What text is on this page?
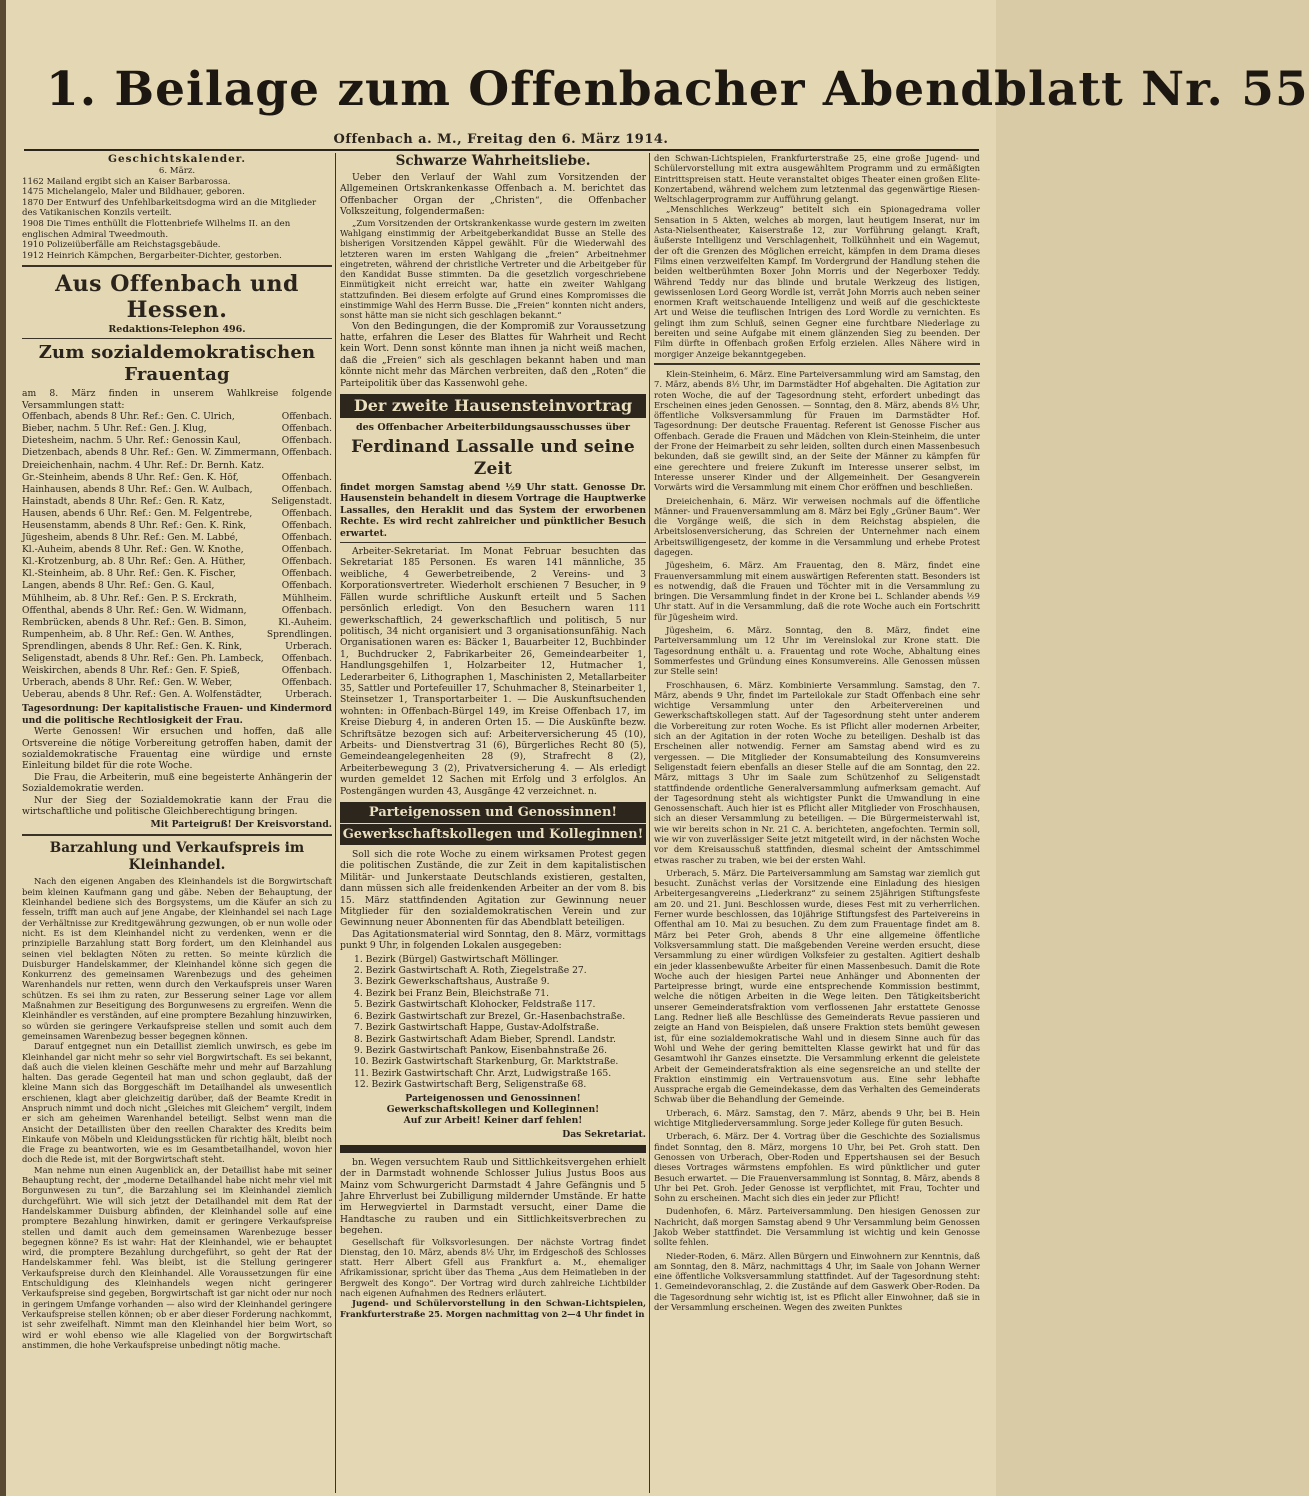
1. Beilage zum Offenbacher Abendblatt Nr. 55
Offenbach a. M., Freitag den 6. März 1914.
Geschichtskalender.
6. März.

1162 Mailand ergibt sich an Kaiser Barbarossa.

1475 Michelangelo, Maler und Bildhauer, geboren.

1870 Der Entwurf des Unfehlbarkeitsdogma wird an die Mitglieder des Vatikanischen Konzils verteilt.

1908 Die Times enthüllt die Flottenbriefe Wilhelms II. an den englischen Admiral Tweedmouth.

1910 Polizeiüberfälle am Reichstagsgebäude.

1912 Heinrich Kämpchen, Bergarbeiter-Dichter, gestorben.

Aus Offenbach und Hessen.
Redaktions-Telephon 496.
Zum sozialdemokratischen Frauentag

am 8. März finden in unserem Wahlkreise folgende Versammlungen statt:

Offenbach, abends 8 Uhr. Ref.: Gen. C. Ulrich,	Offenbach.
Bieber, nachm. 5 Uhr. Ref.: Gen. J. Klug,	Offenbach.
Dietesheim, nachm. 5 Uhr. Ref.: Genossin Kaul,	Offenbach.
Dietzenbach, abends 8 Uhr. Ref.: Gen. W. Zimmermann, Offenbach.
Dreieichenhain, nachm. 4 Uhr. Ref.: Dr. Bernh. Katz.
Gr.-Steinheim, abends 8 Uhr. Ref.: Gen. K. Höf,	Offenbach.
Hainhausen, abends 8 Uhr. Ref.: Gen. W. Aulbach,	Offenbach.
Hainstadt, abends 8 Uhr. Ref.: Gen. R. Katz,	Seligenstadt.
Hausen, abends 6 Uhr. Ref.: Gen. M. Felgentrebe,	Offenbach.
Heusenstamm, abends 8 Uhr. Ref.: Gen. K. Rink,	Offenbach.
Jügesheim, abends 8 Uhr. Ref.: Gen. M. Labbé,	Offenbach.
Kl.-Auheim, abends 8 Uhr. Ref.: Gen. W. Knothe,	Offenbach.
Kl.-Krotzenburg, ab. 8 Uhr. Ref.: Gen. A. Hüther,	Offenbach.
Kl.-Steinheim, ab. 8 Uhr. Ref.: Gen. K. Fischer,	Offenbach.
Langen, abends 8 Uhr. Ref.: Gen. G. Kaul,	Offenbach.
Mühlheim, ab. 8 Uhr. Ref.: Gen. P. S. Erckrath,	Mühlheim.
Offenthal, abends 8 Uhr. Ref.: Gen. W. Widmann,	Offenbach.
Rembrücken, abends 8 Uhr. Ref.: Gen. B. Simon,	Kl.-Auheim.
Rumpenheim, ab. 8 Uhr. Ref.: Gen. W. Anthes,	Sprendlingen.
Sprendlingen, abends 8 Uhr. Ref.: Gen. K. Rink,	Urberach.
Seligenstadt, abends 8 Uhr. Ref.: Gen. Ph. Lambeck,	Offenbach.
Weiskirchen, abends 8 Uhr. Ref.: Gen. F. Spieß,	Offenbach.
Urberach, abends 8 Uhr. Ref.: Gen. W. Weber,	Offenbach.
Ueberau, abends 8 Uhr. Ref.: Gen. A. Wolfenstädter,	Urberach.

Tagesordnung: Der kapitalistische Frauen- und Kindermord und die politische Rechtlosigkeit der Frau.

Werte Genossen! Wir ersuchen und hoffen, daß alle Ortsvereine die nötige Vorbereitung getroffen haben, damit der sozialdemokratische Frauentag eine würdige und ernste Einleitung bildet für die rote Woche.

Die Frau, die Arbeiterin, muß eine begeisterte Anhängerin der Sozialdemokratie werden.

Nur der Sieg der Sozialdemokratie kann der Frau die wirtschaftliche und politische Gleichberechtigung bringen.

Mit Parteigruß! Der Kreisvorstand.
Barzahlung und Verkaufspreis im Kleinhandel.

Nach den eigenen Angaben des Kleinhandels ist die Borgwirtschaft beim kleinen Kaufmann gang und gäbe. Neben der Behauptung, der Kleinhandel bediene sich des Borgsystems, um die Käufer an sich zu fesseln, trifft man auch auf jene Angabe, der Kleinhandel sei nach Lage der Verhältnisse zur Kreditgewährung gezwungen, ob er nun wolle oder nicht. Es ist dem Kleinhandel nicht zu verdenken, wenn er die prinzipielle Barzahlung statt Borg fordert, um den Kleinhandel aus seinen viel beklagten Nöten zu retten. So meinte kürzlich die Duisburger Handelskammer, der Kleinhandel könne sich gegen die Konkurrenz des gemeinsamen Warenbezugs und des geheimen Warenhandels nur retten, wenn durch den Verkaufspreis unser Waren schützen. Es sei ihm zu raten, zur Besserung seiner Lage vor allem Maßnahmen zur Beseitigung des Borgunwesens zu ergreifen. Wenn die Kleinhändler es verständen, auf eine promptere Bezahlung hinzuwirken, so würden sie geringere Verkaufspreise stellen und somit auch dem gemeinsamen Warenbezug besser begegnen können.

Darauf entgegnet nun ein Detaillist ziemlich unwirsch, es gebe im Kleinhandel gar nicht mehr so sehr viel Borgwirtschaft. Es sei bekannt, daß auch die vielen kleinen Geschäfte mehr und mehr auf Barzahlung halten. Das gerade Gegenteil hat man und schon geglaubt, daß der kleine Mann sich das Borggeschäft im Detailhandel als unwesentlich erschienen, klagt aber gleichzeitig darüber, daß der Beamte Kredit in Anspruch nimmt und doch nicht „Gleiches mit Gleichem“ vergilt, indem er sich am geheimen Warenhandel beteiligt. Selbst wenn man die Ansicht der Detaillisten über den reellen Charakter des Kredits beim Einkaufe von Möbeln und Kleidungsstücken für richtig hält, bleibt noch die Frage zu beantworten, wie es im Gesamtbetailhandel, wovon hier doch die Rede ist, mit der Borgwirtschaft steht.

Man nehme nun einen Augenblick an, der Detaillist habe mit seiner Behauptung recht, der „moderne Detailhandel habe nicht mehr viel mit Borgunwesen zu tun“, die Barzahlung sei im Kleinhandel ziemlich durchgeführt. Wie will sich jetzt der Detailhandel mit dem Rat der Handelskammer Duisburg abfinden, der Kleinhandel solle auf eine promptere Bezahlung hinwirken, damit er geringere Verkaufspreise stellen und damit auch dem gemeinsamen Warenbezuge besser begegnen könne? Es ist wahr: Hat der Kleinhandel, wie er behauptet wird, die promptere Bezahlung durchgeführt, so geht der Rat der Handelskammer fehl. Was bleibt, ist die Stellung geringerer Verkaufspreise durch den Kleinhandel. Alle Voraussetzungen für eine Entschuldigung des Kleinhandels wegen nicht geringerer Verkaufspreise sind gegeben, Borgwirtschaft ist gar nicht oder nur noch in geringem Umfange vorhanden — also wird der Kleinhandel geringere Verkaufspreise stellen können; ob er aber dieser Forderung nachkommt, ist sehr zweifelhaft. Nimmt man den Kleinhandel hier beim Wort, so wird er wohl ebenso wie alle Klagelied von der Borgwirtschaft anstimmen, die hohe Verkaufspreise unbedingt nötig mache.

Schwarze Wahrheitsliebe.

Ueber den Verlauf der Wahl zum Vorsitzenden der Allgemeinen Ortskrankenkasse Offenbach a. M. berichtet das Offenbacher Organ der „Christen“, die Offenbacher Volkszeitung, folgendermaßen:

„Zum Vorsitzenden der Ortskrankenkasse wurde gestern im zweiten Wahlgang einstimmig der Arbeitgeberkandidat Busse an Stelle des bisherigen Vorsitzenden Käppel gewählt. Für die Wiederwahl des letzteren waren im ersten Wahlgang die „freien“ Arbeitnehmer eingetreten, während der christliche Vertreter und die Arbeitgeber für den Kandidat Busse stimmten. Da die gesetzlich vorgeschriebene Einmütigkeit nicht erreicht war, hatte ein zweiter Wahlgang stattzufinden. Bei diesem erfolgte auf Grund eines Kompromisses die einstimmige Wahl des Herrn Busse. Die „Freien“ konnten nicht anders, sonst hätte man sie nicht sich geschlagen bekannt.“

Von den Bedingungen, die der Kompromiß zur Voraussetzung hatte, erfahren die Leser des Blattes für Wahrheit und Recht kein Wort. Denn sonst könnte man ihnen ja nicht weiß machen, daß die „Freien“ sich als geschlagen bekannt haben und man könnte nicht mehr das Märchen verbreiten, daß den „Roten“ die Parteipolitik über das Kassenwohl gehe.

Der zweite Hausensteinvortrag
des Offenbacher Arbeiterbildungsausschusses über
Ferdinand Lassalle und seine Zeit

findet morgen Samstag abend ½9 Uhr statt. Genosse Dr. Hausenstein behandelt in diesem Vortrage die Hauptwerke Lassalles, den Heraklit und das System der erworbenen Rechte. Es wird recht zahlreicher und pünktlicher Besuch erwartet.

Arbeiter-Sekretariat. Im Monat Februar besuchten das Sekretariat 185 Personen. Es waren 141 männliche, 35 weibliche, 4 Gewerbetreibende, 2 Vereins- und 3 Korporationsvertreter. Wiederholt erschienen 7 Besucher, in 9 Fällen wurde schriftliche Auskunft erteilt und 5 Sachen persönlich erledigt. Von den Besuchern waren 111 gewerkschaftlich, 24 gewerkschaftlich und politisch, 5 nur politisch, 34 nicht organisiert und 3 organisationsunfähig. Nach Organisationen waren es: Bäcker 1, Bauarbeiter 12, Buchbinder 1, Buchdrucker 2, Fabrikarbeiter 26, Gemeindearbeiter 1, Handlungsgehilfen 1, Holzarbeiter 12, Hutmacher 1, Lederarbeiter 6, Lithographen 1, Maschinisten 2, Metallarbeiter 35, Sattler und Portefeuiller 17, Schuhmacher 8, Steinarbeiter 1, Steinsetzer 1, Transportarbeiter 1. — Die Auskunftsuchenden wohnten: in Offenbach-Bürgel 149, im Kreise Offenbach 17, im Kreise Dieburg 4, in anderen Orten 15. — Die Auskünfte bezw. Schriftsätze bezogen sich auf: Arbeiterversicherung 45 (10), Arbeits- und Dienstvertrag 31 (6), Bürgerliches Recht 80 (5), Gemeindeangelegenheiten 28 (9), Strafrecht 8 (2), Arbeiterbewegung 3 (2), Privatversicherung 4. — Als erledigt wurden gemeldet 12 Sachen mit Erfolg und 3 erfolglos. An Postengängen wurden 43, Ausgänge 42 verzeichnet. n.

Parteigenossen und Genossinnen!
Gewerkschaftskollegen und Kolleginnen!

Soll sich die rote Woche zu einem wirksamen Protest gegen die politischen Zustände, die zur Zeit in dem kapitalistischen Militär- und Junkerstaate Deutschlands existieren, gestalten, dann müssen sich alle freidenkenden Arbeiter an der vom 8. bis 15. März stattfindenden Agitation zur Gewinnung neuer Mitglieder für den sozialdemokratischen Verein und zur Gewinnung neuer Abonnenten für das Abendblatt beteiligen.

Das Agitationsmaterial wird Sonntag, den 8. März, vormittags punkt 9 Uhr, in folgenden Lokalen ausgegeben:

1. Bezirk (Bürgel) Gastwirtschaft Möllinger.
2. Bezirk Gastwirtschaft A. Roth, Ziegelstraße 27.
3. Bezirk Gewerkschaftshaus, Austraße 9.
4. Bezirk bei Franz Bein, Bleichstraße 71.
5. Bezirk Gastwirtschaft Klohocker, Feldstraße 117.
6. Bezirk Gastwirtschaft zur Brezel, Gr.-Hasenbachstraße.
7. Bezirk Gastwirtschaft Happe, Gustav-Adolfstraße.
8. Bezirk Gastwirtschaft Adam Bieber, Sprendl. Landstr.
9. Bezirk Gastwirtschaft Pankow, Eisenbahnstraße 26.
10. Bezirk Gastwirtschaft Starkenburg, Gr. Marktstraße.
11. Bezirk Gastwirtschaft Chr. Arzt, Ludwigstraße 165.
12. Bezirk Gastwirtschaft Berg, Seligenstraße 68.

Parteigenossen und Genossinnen!

Gewerkschaftskollegen und Kolleginnen!

Auf zur Arbeit! Keiner darf fehlen!

Das Sekretariat.

bn. Wegen versuchtem Raub und Sittlichkeitsvergehen erhielt der in Darmstadt wohnende Schlosser Julius Justus Boos aus Mainz vom Schwurgericht Darmstadt 4 Jahre Gefängnis und 5 Jahre Ehrverlust bei Zubilligung mildernder Umstände. Er hatte im Herwegviertel in Darmstadt versucht, einer Dame die Handtasche zu rauben und ein Sittlichkeitsverbrechen zu begehen.

Gesellschaft für Volksvorlesungen. Der nächste Vortrag findet Dienstag, den 10. März, abends 8½ Uhr, im Erdgeschoß des Schlosses statt. Herr Albert Gfell aus Frankfurt a. M., ehemaliger Afrikamissionar, spricht über das Thema „Aus dem Heimatleben in der Bergwelt des Kongo“. Der Vortrag wird durch zahlreiche Lichtbilder nach eigenen Aufnahmen des Redners erläutert.

Jugend- und Schülervorstellung in den Schwan-Lichtspielen, Frankfurterstraße 25. Morgen nachmittag von 2—4 Uhr findet in

den Schwan-Lichtspielen, Frankfurterstraße 25, eine große Jugend- und Schülervorstellung mit extra ausgewähltem Programm und zu ermäßigten Eintrittspreisen statt. Heute veranstaltet obiges Theater einen großen Elite-Konzertabend, während welchem zum letztenmal das gegenwärtige Riesen-Weltschlagerprogramm zur Aufführung gelangt.

„Menschliches Werkzeug“ betitelt sich ein Spionagedrama voller Sensation in 5 Akten, welches ab morgen, laut heutigem Inserat, nur im Asta-Nielsentheater, Kaiserstraße 12, zur Vorführung gelangt. Kraft, äußerste Intelligenz und Verschlagenheit, Tollkühnheit und ein Wagemut, der oft die Grenzen des Möglichen erreicht, kämpfen in dem Drama dieses Films einen verzweifelten Kampf. Im Vordergrund der Handlung stehen die beiden weltberühmten Boxer John Morris und der Negerboxer Teddy. Während Teddy nur das blinde und brutale Werkzeug des listigen, gewissenlosen Lord Georg Wordle ist, verrät John Morris auch neben seiner enormen Kraft weitschauende Intelligenz und weiß auf die geschickteste Art und Weise die teuflischen Intrigen des Lord Wordle zu vernichten. Es gelingt ihm zum Schluß, seinen Gegner eine furchtbare Niederlage zu bereiten und seine Aufgabe mit einem glänzenden Sieg zu beenden. Der Film dürfte in Offenbach großen Erfolg erzielen. Alles Nähere wird in morgiger Anzeige bekanntgegeben.

Klein-Steinheim, 6. März. Eine Parteiversammlung wird am Samstag, den 7. März, abends 8½ Uhr, im Darmstädter Hof abgehalten. Die Agitation zur roten Woche, die auf der Tagesordnung steht, erfordert unbedingt das Erscheinen eines jeden Genossen. — Sonntag, den 8. März, abends 8½ Uhr, öffentliche Volksversammlung für Frauen im Darmstädter Hof. Tagesordnung: Der deutsche Frauentag. Referent ist Genosse Fischer aus Offenbach. Gerade die Frauen und Mädchen von Klein-Steinheim, die unter der Frone der Heimarbeit zu sehr leiden, sollten durch einen Massenbesuch bekunden, daß sie gewillt sind, an der Seite der Männer zu kämpfen für eine gerechtere und freiere Zukunft im Interesse unserer selbst, im Interesse unserer Kinder und der Allgemeinheit. Der Gesangverein Vorwärts wird die Versammlung mit einem Chor eröffnen und beschließen.

Dreieichenhain, 6. März. Wir verweisen nochmals auf die öffentliche Männer- und Frauenversammlung am 8. März bei Egly „Grüner Baum“. Wer die Vorgänge weiß, die sich in dem Reichstag abspielen, die Arbeitslosenversicherung, das Schreien der Unternehmer nach einem Arbeitswilligengesetz, der komme in die Versammlung und erhebe Protest dagegen.

Jügesheim, 6. März. Am Frauentag, den 8. März, findet eine Frauenversammlung mit einem auswärtigen Referenten statt. Besonders ist es notwendig, daß die Frauen und Töchter mit in die Versammlung zu bringen. Die Versammlung findet in der Krone bei L. Schlander abends ½9 Uhr statt. Auf in die Versammlung, daß die rote Woche auch ein Fortschritt für Jügesheim wird.

Jügesheim, 6. März. Sonntag, den 8. März, findet eine Parteiversammlung um 12 Uhr im Vereinslokal zur Krone statt. Die Tagesordnung enthält u. a. Frauentag und rote Woche, Abhaltung eines Sommerfestes und Gründung eines Konsumvereins. Alle Genossen müssen zur Stelle sein!

Froschhausen, 6. März. Kombinierte Versammlung. Samstag, den 7. März, abends 9 Uhr, findet im Parteilokale zur Stadt Offenbach eine sehr wichtige Versammlung unter den Arbeitervereinen und Gewerkschaftskollegen statt. Auf der Tagesordnung steht unter anderem die Vorbereitung zur roten Woche. Es ist Pflicht aller modernen Arbeiter, sich an der Agitation in der roten Woche zu beteiligen. Deshalb ist das Erscheinen aller notwendig. Ferner am Samstag abend wird es zu vergessen. — Die Mitglieder der Konsumabteilung des Konsumvereins Seligenstadt feiern ebenfalls an dieser Stelle auf die am Sonntag, den 22. März, mittags 3 Uhr im Saale zum Schützenhof zu Seligenstadt stattfindende ordentliche Generalversammlung aufmerksam gemacht. Auf der Tagesordnung steht als wichtigster Punkt die Umwandlung in eine Genossenschaft. Auch hier ist es Pflicht aller Mitglieder von Froschhausen, sich an dieser Versammlung zu beteiligen. — Die Bürgermeisterwahl ist, wie wir bereits schon in Nr. 21 C. A. berichteten, angefochten. Termin soll, wie wir von zuverlässiger Seite jetzt mitgeteilt wird, in der nächsten Woche vor dem Kreisausschuß stattfinden, diesmal scheint der Amtsschimmel etwas rascher zu traben, wie bei der ersten Wahl.

Urberach, 5. März. Die Parteiversammlung am Samstag war ziemlich gut besucht. Zunächst verlas der Vorsitzende eine Einladung des hiesigen Arbeitergesangvereins „Liederkranz“ zu seinem 25jährigen Stiftungsfeste am 20. und 21. Juni. Beschlossen wurde, dieses Fest mit zu verherrlichen. Ferner wurde beschlossen, das 10jährige Stiftungsfest des Parteivereins in Offenthal am 10. Mai zu besuchen. Zu dem zum Frauentage findet am 8. März bei Peter Groh, abends 8 Uhr eine allgemeine öffentliche Volksversammlung statt. Die maßgebenden Vereine werden ersucht, diese Versammlung zu einer würdigen Volksfeier zu gestalten. Agitiert deshalb ein jeder klassenbewußte Arbeiter für einen Massenbesuch. Damit die Rote Woche auch der hiesigen Partei neue Anhänger und Abonnenten der Parteipresse bringt, wurde eine entsprechende Kommission bestimmt, welche die nötigen Arbeiten in die Wege leiten. Den Tätigkeitsbericht unserer Gemeinderatsfraktion vom verflossenen Jahr erstattete Genosse Lang. Redner ließ alle Beschlüsse des Gemeinderats Revue passieren und zeigte an Hand von Beispielen, daß unsere Fraktion stets bemüht gewesen ist, für eine sozialdemokratische Wahl und in diesem Sinne auch für das Wohl und Wehe der gering bemittelten Klasse gewirkt hat und für das Gesamtwohl ihr Ganzes einsetzte. Die Versammlung erkennt die geleistete Arbeit der Gemeinderatsfraktion als eine segensreiche an und stellte der Fraktion einstimmig ein Vertrauensvotum aus. Eine sehr lebhafte Aussprache ergab die Gemeindekasse, dem das Verhalten des Gemeinderats Schwab über die Behandlung der Gemeinde.

Urberach, 6. März. Samstag, den 7. März, abends 9 Uhr, bei B. Hein wichtige Mitgliederversammlung. Sorge jeder Kollege für guten Besuch.

Urberach, 6. März. Der 4. Vortrag über die Geschichte des Sozialismus findet Sonntag, den 8. März, morgens 10 Uhr, bei Pet. Groh statt. Den Genossen von Urberach, Ober-Roden und Eppertshausen sei der Besuch dieses Vortrages wärmstens empfohlen. Es wird pünktlicher und guter Besuch erwartet. — Die Frauenversammlung ist Sonntag, 8. März, abends 8 Uhr bei Pet. Groh. Jeder Genosse ist verpflichtet, mit Frau, Tochter und Sohn zu erscheinen. Macht sich dies ein jeder zur Pflicht!

Dudenhofen, 6. März. Parteiversammlung. Den hiesigen Genossen zur Nachricht, daß morgen Samstag abend 9 Uhr Versammlung beim Genossen Jakob Weber stattfindet. Die Versammlung ist wichtig und kein Genosse sollte fehlen.

Nieder-Roden, 6. März. Allen Bürgern und Einwohnern zur Kenntnis, daß am Sonntag, den 8. März, nachmittags 4 Uhr, im Saale von Johann Werner eine öffentliche Volksversammlung stattfindet. Auf der Tagesordnung steht: 1. Gemeindevoranschlag, 2. die Zustände auf dem Gaswerk Ober-Roden. Da die Tagesordnung sehr wichtig ist, ist es Pflicht aller Einwohner, daß sie in der Versammlung erscheinen. Wegen des zweiten Punktes
